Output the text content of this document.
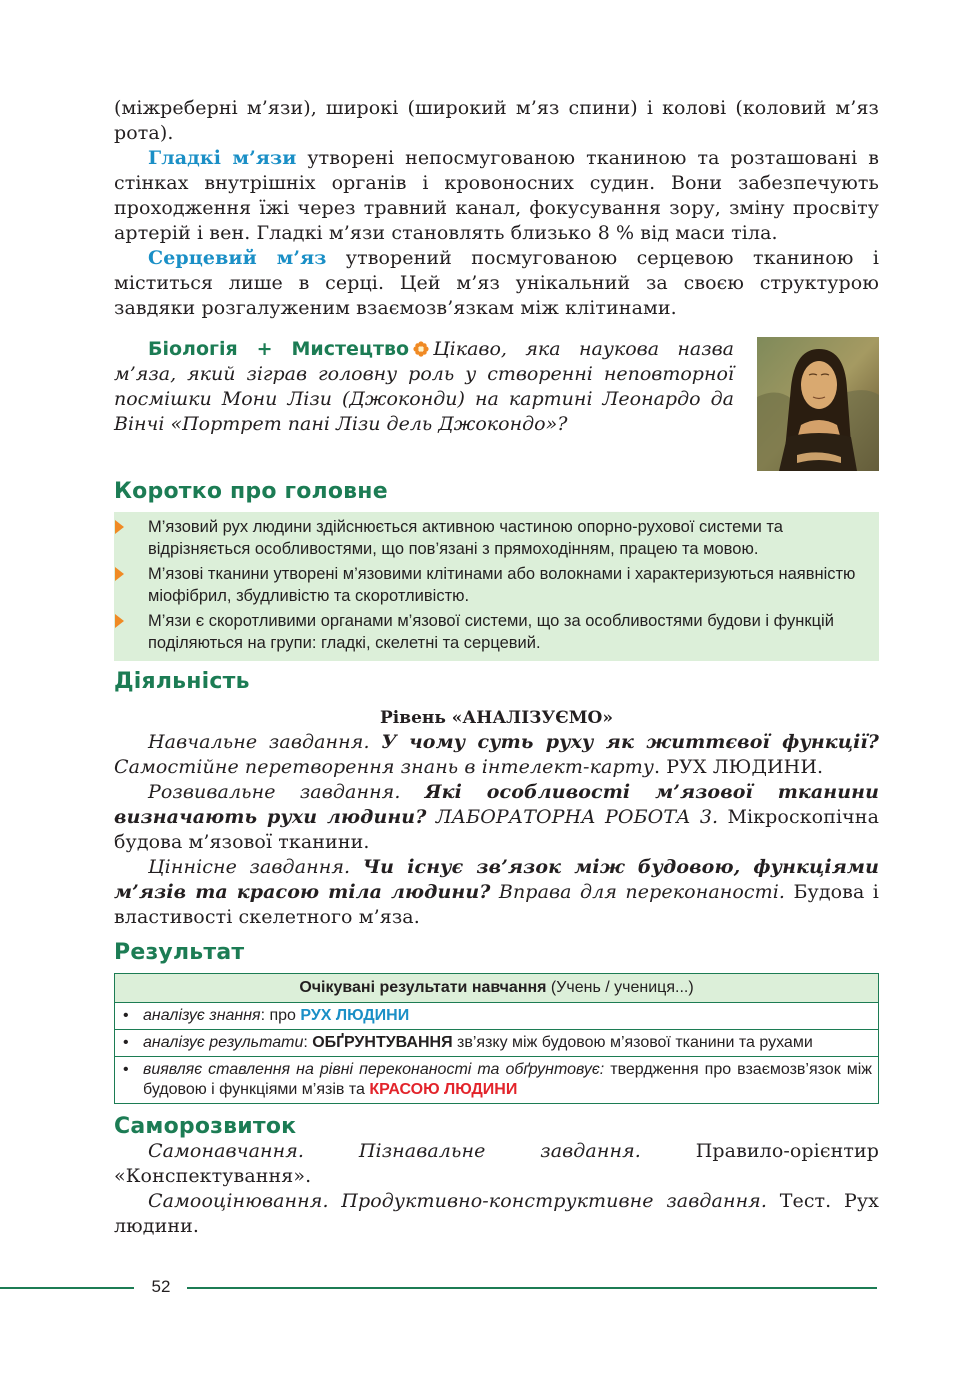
(міжреберні м’язи), широкі (широкий м’яз спини) і колові (коловий м’яз рота).

Гладкі м’язи утворені непосмугованою тканиною та розташовані в стінках внутрішніх органів і кровоносних судин. Вони забезпечують проходження їжі через травний канал, фокусування зору, зміну просвіту артерій і вен. Гладкі м’язи становлять близько 8 % від маси тіла.

Серцевий м’яз утворений посмугованою серцевою тканиною і міститься лише в серці. Цей м’яз унікальний за своєю структурою завдяки розгалуженим взаємозв’язкам між клітинами.

Біологія + Мистецтво Цікаво, яка наукова назва м’яза, який зіграв головну роль у створенні неповторної посмішки Мони Лізи (Джоконди) на картині Леонардо да Вінчі «Портрет пані Лізи дель Джокондо»?
Коротко про головне
М’язовий рух людини здійснюється активною частиною опорно-рухової системи та відрізняється особливостями, що пов’язані з прямоходінням, працею та мовою.
М’язові тканини утворені м’язовими клітинами або волокнами і характеризуються наявністю міофібрил, збудливістю та скоротливістю.
М’язи є скоротливими органами м’язової системи, що за особливостями будови і функцій поділяються на групи: гладкі, скелетні та серцевий.
Діяльність
Рівень «АНАЛІЗУЄМО»

Навчальне завдання. У чому суть руху як життєвої функції? Самостійне перетворення знань в інтелект-карту. РУХ ЛЮДИНИ.

Розвивальне завдання. Які особливості м’язової тканини визначають рухи людини? ЛАБОРАТОРНА РОБОТА 3. Мікроскопічна будова м’язової тканини.

Ціннісне завдання. Чи існує зв’язок між будовою, функціями м’язів та красою тіла людини? Вправа для переконаності. Будова і властивості скелетного м’яза.

Результат
Очікувані результати навчання (Учень / учениця...)

• аналізує знання: про РУХ ЛЮДИНИ

• аналізує результати: ОБҐРУНТУВАННЯ зв’язку між будовою м’язової тканини та рухами

• виявляє ставлення на рівні переконаності та обґрунтовує: твердження про взаємозв’язок між будовою і функціями м’язів та КРАСОЮ ЛЮДИНИ
Саморозвиток

Самонавчання. Пізнавальне завдання. Правило-орієнтир «Конспектування».

Самооцінювання. Продуктивно-конструктивне завдання. Тест. Рух людини.

52
